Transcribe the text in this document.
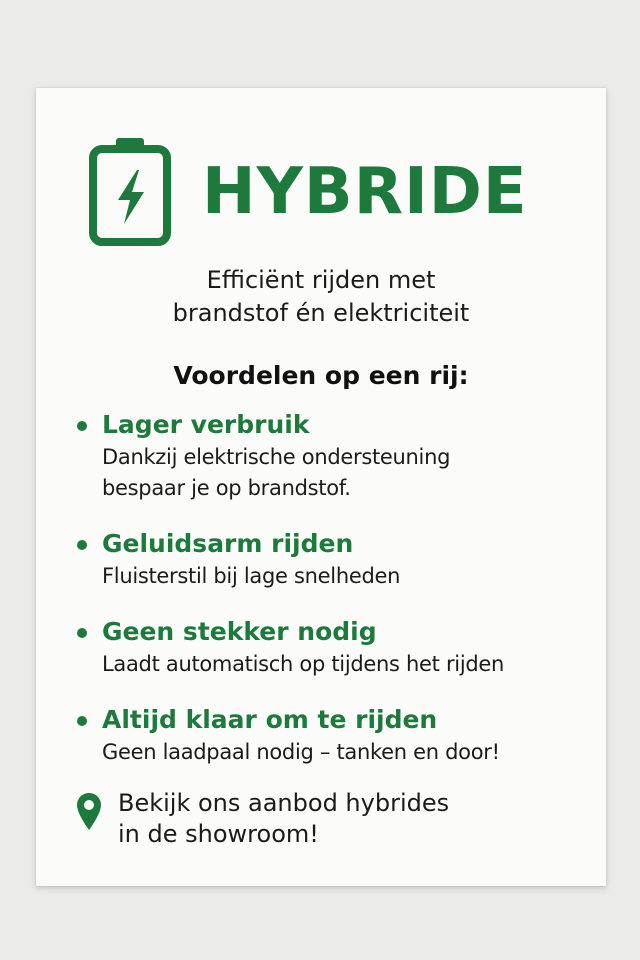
HYBRIDE
Efficiënt rijden met
brandstof én elektriciteit
Voordelen op een rij:
Lager verbruik
Dankzij elektrische ondersteuning
bespaar je op brandstof.
Geluidsarm rijden
Fluisterstil bij lage snelheden
Geen stekker nodig
Laadt automatisch op tijdens het rijden
Altijd klaar om te rijden
Geen laadpaal nodig – tanken en door!
Bekijk ons aanbod hybrides
in de showroom!
